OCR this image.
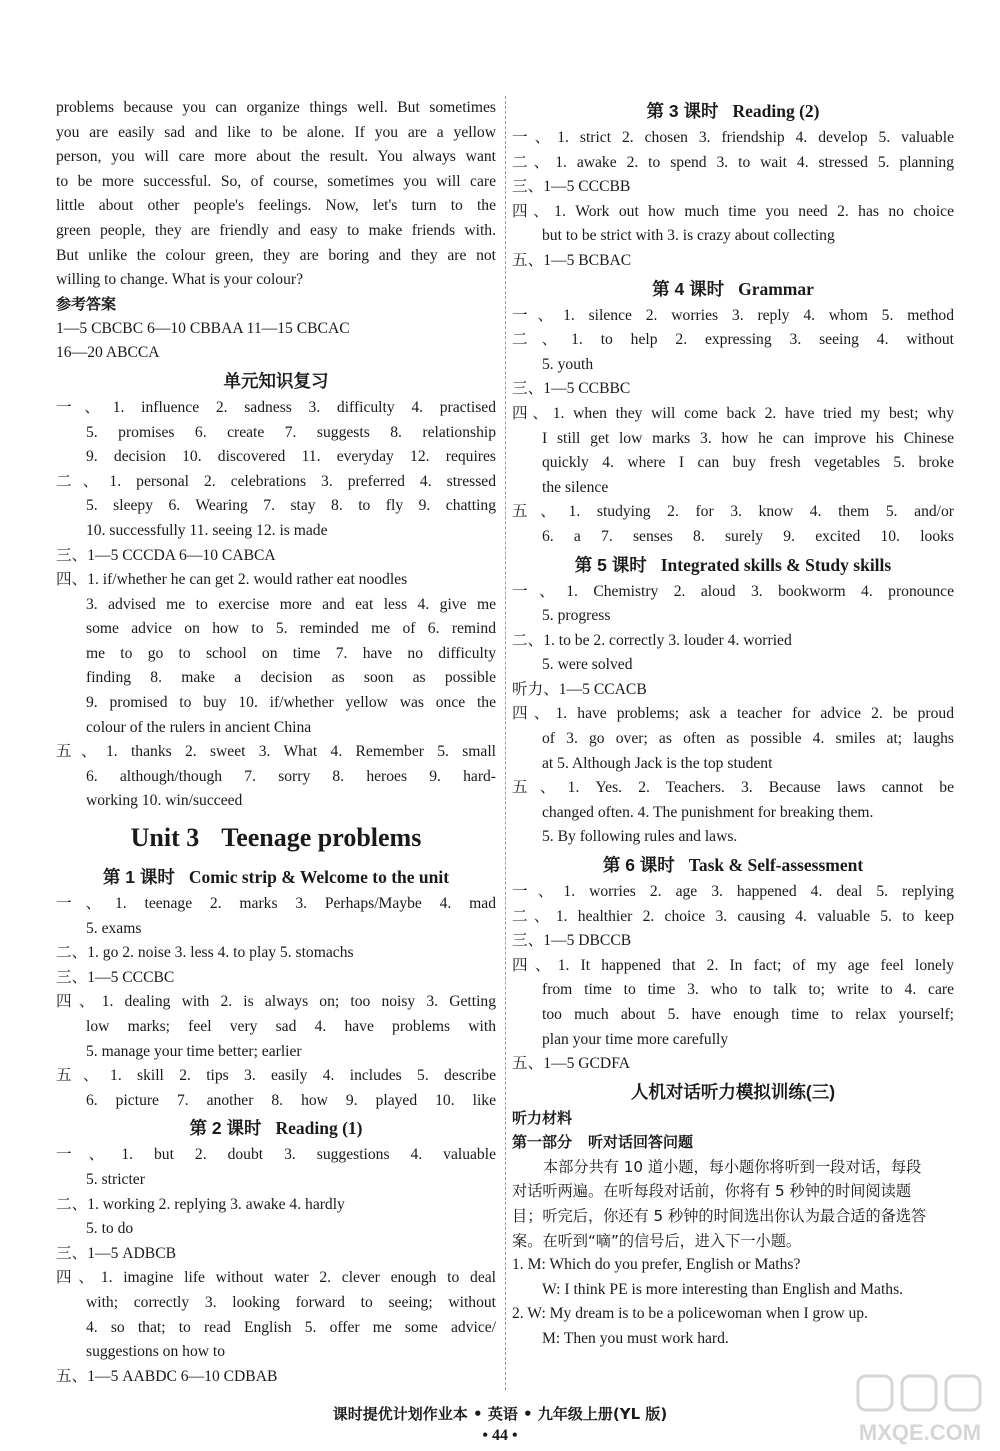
problems because you can organize things well. But sometimes
you are easily sad and like to be alone. If you are a yellow
person, you will care more about the result. You always want
to be more successful. So, of course, sometimes you will care
little about other people's feelings. Now, let's turn to the
green people, they are friendly and easy to make friends with.
But unlike the colour green, they are boring and they are not
willing to change. What is your colour?
参考答案
1—5 CBCBC 6—10 CBBAA 11—15 CBCAC
16—20 ABCCA
单元知识复习
一、1. influence 2. sadness 3. difficulty 4. practised
5. promises 6. create 7. suggests 8. relationship
9. decision 10. discovered 11. everyday 12. requires
二、1. personal 2. celebrations 3. preferred 4. stressed
5. sleepy 6. Wearing 7. stay 8. to fly 9. chatting
10. successfully 11. seeing 12. is made
三、1—5 CCCDA 6—10 CABCA
四、1. if/whether he can get 2. would rather eat noodles
3. advised me to exercise more and eat less 4. give me
some advice on how to 5. reminded me of 6. remind
me to go to school on time 7. have no difficulty
finding 8. make a decision as soon as possible
9. promised to buy 10. if/whether yellow was once the
colour of the rulers in ancient China
五、1. thanks 2. sweet 3. What 4. Remember 5. small
6. although/though 7. sorry 8. heroes 9. hard-
working 10. win/succeed
Unit 3 Teenage problems
第 1 课时 Comic strip & Welcome to the unit
一、1. teenage 2. marks 3. Perhaps/Maybe 4. mad
5. exams
二、1. go 2. noise 3. less 4. to play 5. stomachs
三、1—5 CCCBC
四、1. dealing with 2. is always on; too noisy 3. Getting
low marks; feel very sad 4. have problems with
5. manage your time better; earlier
五、1. skill 2. tips 3. easily 4. includes 5. describe
6. picture 7. another 8. how 9. played 10. like
第 2 课时 Reading (1)
一、1. but 2. doubt 3. suggestions 4. valuable
5. stricter
二、1. working 2. replying 3. awake 4. hardly
5. to do
三、1—5 ADBCB
四、1. imagine life without water 2. clever enough to deal
with; correctly 3. looking forward to seeing; without
4. so that; to read English 5. offer me some advice/
suggestions on how to
五、1—5 AABDC 6—10 CDBAB
第 3 课时 Reading (2)
一、1. strict 2. chosen 3. friendship 4. develop 5. valuable
二、1. awake 2. to spend 3. to wait 4. stressed 5. planning
三、1—5 CCCBB
四、1. Work out how much time you need 2. has no choice
but to be strict with 3. is crazy about collecting
五、1—5 BCBAC
第 4 课时 Grammar
一、1. silence 2. worries 3. reply 4. whom 5. method
二、1. to help 2. expressing 3. seeing 4. without
5. youth
三、1—5 CCBBC
四、1. when they will come back 2. have tried my best; why
I still get low marks 3. how he can improve his Chinese
quickly 4. where I can buy fresh vegetables 5. broke
the silence
五、1. studying 2. for 3. know 4. them 5. and/or
6. a 7. senses 8. surely 9. excited 10. looks
第 5 课时 Integrated skills & Study skills
一、1. Chemistry 2. aloud 3. bookworm 4. pronounce
5. progress
二、1. to be 2. correctly 3. louder 4. worried
5. were solved
听力、1—5 CCACB
四、1. have problems; ask a teacher for advice 2. be proud
of 3. go over; as often as possible 4. smiles at; laughs
at 5. Although Jack is the top student
五、1. Yes. 2. Teachers. 3. Because laws cannot be
changed often. 4. The punishment for breaking them.
5. By following rules and laws.
第 6 课时 Task & Self-assessment
一、1. worries 2. age 3. happened 4. deal 5. replying
二、1. healthier 2. choice 3. causing 4. valuable 5. to keep
三、1—5 DBCCB
四、1. It happened that 2. In fact; of my age feel lonely
from time to time 3. who to talk to; write to 4. care
too much about 5. have enough time to relax yourself;
plan your time more carefully
五、1—5 GCDFA
人机对话听力模拟训练(三)
听力材料
第一部分 听对话回答问题
本部分共有 10 道小题，每小题你将听到一段对话，每段
对话听两遍。在听每段对话前，你将有 5 秒钟的时间阅读题
目；听完后，你还有 5 秒钟的时间选出你认为最合适的备选答
案。在听到“嘀”的信号后，进入下一小题。
1. M: Which do you prefer, English or Maths?
W: I think PE is more interesting than English and Maths.
2. W: My dream is to be a policewoman when I grow up.
M: Then you must work hard.
课时提优计划作业本 • 英语 • 九年级上册(YL 版)
• 44 •	MXQE.COM
